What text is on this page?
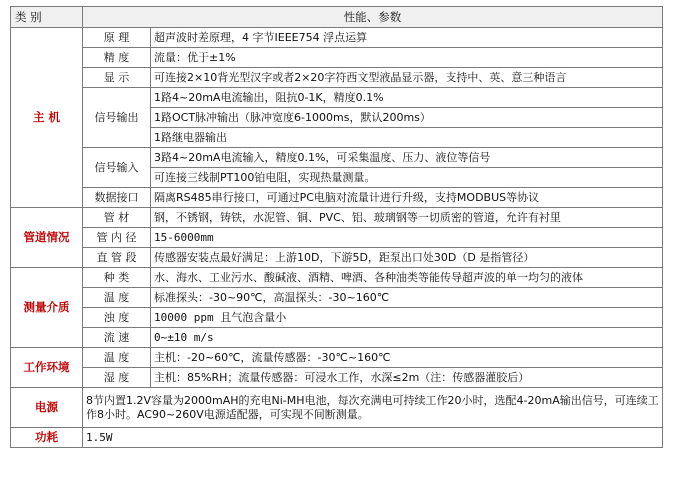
类 别	性能、参数	
主 机	原 理	超声波时差原理，4 字节IEEE754 浮点运算
	精 度	流量：优于±1%
	显 示	可连接2×10背光型汉字或者2×20字符西文型液晶显示器，支持中、英、意三种语言
	信号输出	1路4~20mA电流输出，阻抗0-1K，精度0.1%
		1路OCT脉冲输出（脉冲宽度6-1000ms，默认200ms）
		1路继电器输出
	信号输入	3路4~20mA电流输入，精度0.1%，可采集温度、压力、液位等信号
		可连接三线制PT100铂电阻，实现热量测量。
	数据接口	隔离RS485串行接口，可通过PC电脑对流量计进行升级，支持MODBUS等协议
管道情况	管 材	钢，不锈钢，铸铁，水泥管、铜、PVC、铝、玻璃钢等一切质密的管道，允许有衬里
	管 内 径	15-6000mm
	直 管 段	传感器安装点最好满足：上游10D，下游5D，距泵出口处30D（D 是指管径）
测量介质	种 类	水、海水、工业污水、酸碱液、酒精、啤酒、各种油类等能传导超声波的单一均匀的液体
	温 度	标准探头：-30~90℃，高温探头：-30~160℃
	浊 度	10000 ppm 且气泡含量小
	流 速	0~±10 m/s
工作环境	温 度	主机：-20~60℃，流量传感器：-30℃~160℃
	湿 度	主机：85%RH；流量传感器：可浸水工作，水深≤2m（注：传感器灌胶后）
电源	8节内置1.2V容量为2000mAH的充电Ni-MH电池，每次充满电可持续工作20小时，选配4-20mA输出信号，可连续工作8小时。AC90~260V电源适配器，可实现不间断测量。	
功耗	1.5W	
